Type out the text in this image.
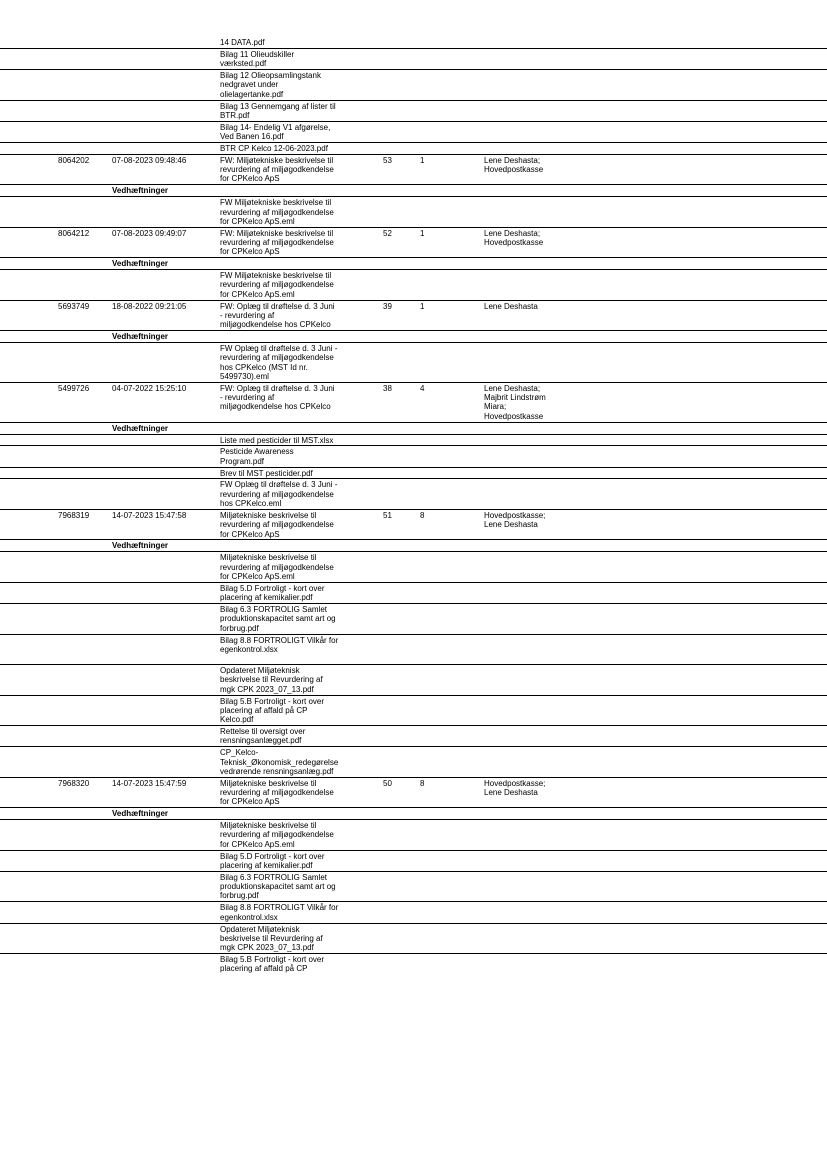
14 DATA.pdf
Bilag 11 Olieudskiller
værksted.pdf
Bilag 12 Olieopsamlingstank
nedgravet under
olielagertanke.pdf
Bilag 13 Gennemgang af lister til
BTR.pdf
Bilag 14- Endelig V1 afgørelse,
Ved Banen 16.pdf
BTR CP Kelco 12-06-2023.pdf
8064202	07-08-2023 09:48:46	FW: Miljøtekniske beskrivelse til
revurdering af miljøgodkendelse
for CPKelco ApS
53	1	Lene Deshasta;
Hovedpostkasse
Vedhæftninger
FW Miljøtekniske beskrivelse til
revurdering af miljøgodkendelse
for CPKelco ApS.eml
8064212	07-08-2023 09:49:07	FW: Miljøtekniske beskrivelse til
revurdering af miljøgodkendelse
for CPKelco ApS
52	1	Lene Deshasta;
Hovedpostkasse
Vedhæftninger
FW Miljøtekniske beskrivelse til
revurdering af miljøgodkendelse
for CPKelco ApS.eml
5693749	18-08-2022 09:21:05	FW: Oplæg til drøftelse d. 3 Juni
- revurdering af
miljøgodkendelse hos CPKelco
39	1	Lene Deshasta
Vedhæftninger
FW Oplæg til drøftelse d. 3 Juni -
revurdering af miljøgodkendelse
hos CPKelco (MST Id nr.
5499730).eml
5499726	04-07-2022 15:25:10	FW: Oplæg til drøftelse d. 3 Juni
- revurdering af
miljøgodkendelse hos CPKelco
38	4	Lene Deshasta;
Majbrit Lindstrøm
Miara;
Hovedpostkasse
Vedhæftninger
Liste med pesticider til MST.xlsx
Pesticide Awareness
Program.pdf
Brev til MST pesticider.pdf
FW Oplæg til drøftelse d. 3 Juni -
revurdering af miljøgodkendelse
hos CPKelco.eml
7968319	14-07-2023 15:47:58	Miljøtekniske beskrivelse til
revurdering af miljøgodkendelse
for CPKelco ApS
51	8	Hovedpostkasse;
Lene Deshasta
Vedhæftninger
Miljøtekniske beskrivelse til
revurdering af miljøgodkendelse
for CPKelco ApS.eml
Bilag 5.D Fortroligt - kort over
placering af kemikalier.pdf
Bilag 6.3 FORTROLIG Samlet
produktionskapacitet samt art og
forbrug.pdf
Bilag 8.8 FORTROLIGT Vilkår for
egenkontrol.xlsx
Opdateret Miljøteknisk
beskrivelse til Revurdering af
mgk CPK 2023_07_13.pdf
Bilag 5.B Fortroligt - kort over
placering af affald på CP
Kelco.pdf
Rettelse til oversigt over
rensningsanlægget.pdf
CP_Kelco-
Teknisk_Økonomisk_redegørelse
vedrørende rensningsanlæg.pdf
7968320	14-07-2023 15:47:59	Miljøtekniske beskrivelse til
revurdering af miljøgodkendelse
for CPKelco ApS
50	8	Hovedpostkasse;
Lene Deshasta
Vedhæftninger
Miljøtekniske beskrivelse til
revurdering af miljøgodkendelse
for CPKelco ApS.eml
Bilag 5.D Fortroligt - kort over
placering af kemikalier.pdf
Bilag 6.3 FORTROLIG Samlet
produktionskapacitet samt art og
forbrug.pdf
Bilag 8.8 FORTROLIGT Vilkår for
egenkontrol.xlsx
Opdateret Miljøteknisk
beskrivelse til Revurdering af
mgk CPK 2023_07_13.pdf
Bilag 5.B Fortroligt - kort over
placering af affald på CP
